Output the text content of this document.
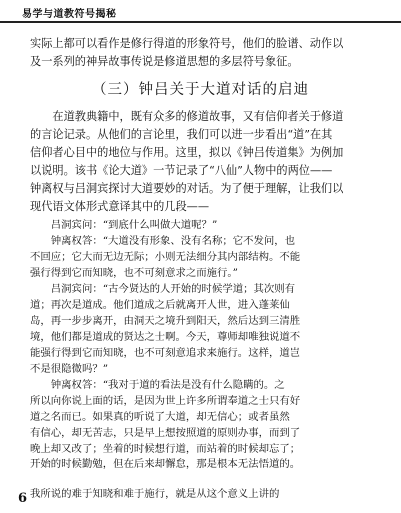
易学与道教符号揭秘
实际上都可以看作是修行得道的形象符号，他们的脸谱、动作以
及一系列的神异故事传说是修道思想的多层符号象征。
（三）钟吕关于大道对话的启迪
　　在道教典籍中，既有众多的修道故事，又有信仰者关于修道
的言论记录。从他们的言论里，我们可以进一步看出“道”在其
信仰者心目中的地位与作用。这里，拟以《钟吕传道集》为例加
以说明。该书《论大道》一节记录了“八仙”人物中的两位——
钟离权与吕洞宾探讨大道要妙的对话。为了便于理解，让我们以
现代语文体形式意译其中的几段——
　　吕洞宾问：“到底什么叫做大道呢？”
　　钟离权答：“大道没有形象、没有名称；它不发问，也
不回应；它大而无边无际；小则无法细分其内部结构。不能
强行得到它而知晓，也不可刻意求之而施行。”
　　吕洞宾问：“古今贤达的人开始的时候学道；其次则有
道；再次是道成。他们道成之后就离开人世，进入蓬莱仙
岛，再一步步离开，由洞天之境升到阳天，然后达到三清胜
境，他们都是道成的贤达之士啊。今天，尊师却唯独说道不
能强行得到它而知晓，也不可刻意追求来施行。这样，道岂
不是很隐微吗？”
　　钟离权答：“我对于道的看法是没有什么隐瞒的。之
所以向你说上面的话，是因为世上许多所谓奉道之士只有好
道之名而已。如果真的听说了大道，却无信心；或者虽然
有信心，却无苦志，只是早上想按照道的原则办事，而到了
晚上却又改了；坐着的时候想行道，而站着的时候却忘了；
开始的时候勤勉，但在后来却懈怠，那是根本无法悟道的。
我所说的难于知晓和难于施行，就是从这个意义上讲的
6
